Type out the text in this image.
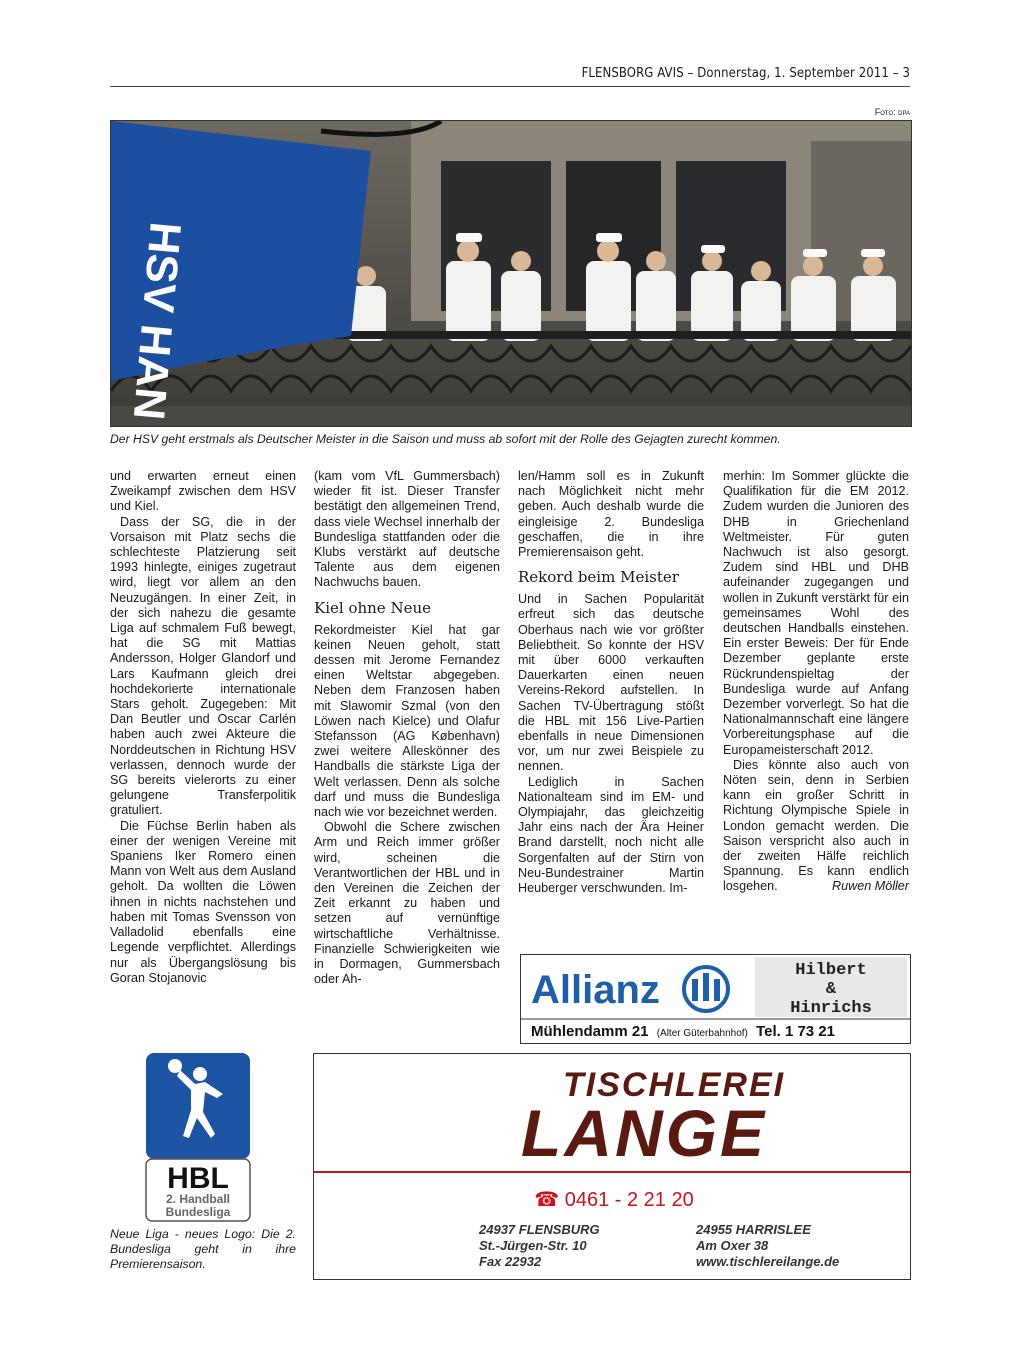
FLENSBORG AVIS – Donnerstag, 1. September 2011 – 3
Foto: dpa
HSV HAN
Der HSV geht erstmals als Deutscher Meister in die Saison und muss ab sofort mit der Rolle des Gejagten zurecht kommen.

und erwarten erneut einen Zweikampf zwischen dem HSV und Kiel.

Dass der SG, die in der Vorsaison mit Platz sechs die schlechteste Platzierung seit 1993 hinlegte, einiges zugetraut wird, liegt vor allem an den Neuzugängen. In einer Zeit, in der sich nahezu die gesamte Liga auf schmalem Fuß bewegt, hat die SG mit Mattias Andersson, Holger Glandorf und Lars Kaufmann gleich drei hochdekorierte internationale Stars geholt. Zugegeben: Mit Dan Beutler und Oscar Carlén haben auch zwei Akteure die Norddeutschen in Richtung HSV verlassen, dennoch wurde der SG bereits vielerorts zu einer gelungene Transferpolitik gratuliert.

Die Füchse Berlin haben als einer der wenigen Vereine mit Spaniens Iker Romero einen Mann von Welt aus dem Ausland geholt. Da wollten die Löwen ihnen in nichts nachstehen und haben mit Tomas Svensson von Valladolid ebenfalls eine Legende verpflichtet. Allerdings nur als Übergangslösung bis Goran Stojanovic

(kam vom VfL Gummersbach) wieder fit ist. Dieser Transfer bestätigt den allgemeinen Trend, dass viele Wechsel innerhalb der Bundesliga stattfanden oder die Klubs verstärkt auf deutsche Talente aus dem eigenen Nachwuchs bauen.

Kiel ohne Neue

Rekordmeister Kiel hat gar keinen Neuen geholt, statt dessen mit Jerome Fernandez einen Weltstar abgegeben. Neben dem Franzosen haben mit Slawomir Szmal (von den Löwen nach Kielce) und Olafur Stefansson (AG København) zwei weitere Alleskönner des Handballs die stärkste Liga der Welt verlassen. Denn als solche darf und muss die Bundesliga nach wie vor bezeichnet werden.

Obwohl die Schere zwischen Arm und Reich immer größer wird, scheinen die Verantwortlichen der HBL und in den Vereinen die Zeichen der Zeit erkannt zu haben und setzen auf vernünftige wirtschaftliche Verhältnisse. Finanzielle Schwierigkeiten wie in Dormagen, Gummersbach oder Ah-

len/Hamm soll es in Zukunft nach Möglichkeit nicht mehr geben. Auch deshalb wurde die eingleisige 2. Bundesliga geschaffen, die in ihre Premierensaison geht.

Rekord beim Meister

Und in Sachen Popularität erfreut sich das deutsche Oberhaus nach wie vor größter Beliebtheit. So konnte der HSV mit über 6000 verkauften Dauerkarten einen neuen Vereins-Rekord aufstellen. In Sachen TV-Übertragung stößt die HBL mit 156 Live-Partien ebenfalls in neue Dimensionen vor, um nur zwei Beispiele zu nennen.

Lediglich in Sachen Nationalteam sind im EM- und Olympiajahr, das gleichzeitig Jahr eins nach der Ära Heiner Brand darstellt, noch nicht alle Sorgenfalten auf der Stirn von Neu-Bundestrainer Martin Heuberger verschwunden. Im-

merhin: Im Sommer glückte die Qualifikation für die EM 2012. Zudem wurden die Junioren des DHB in Griechenland Weltmeister. Für guten Nachwuch ist also gesorgt. Zudem sind HBL und DHB aufeinander zugegangen und wollen in Zukunft verstärkt für ein gemeinsames Wohl des deutschen Handballs einstehen. Ein erster Beweis: Der für Ende Dezember geplante erste Rückrundenspieltag der Bundesliga wurde auf Anfang Dezember vorverlegt. So hat die Nationalmannschaft eine längere Vorbereitungsphase auf die Europameisterschaft 2012.

Dies könnte also auch von Nöten sein, denn in Serbien kann ein großer Schritt in Richtung Olympische Spiele in London gemacht werden. Die Saison verspricht also auch in der zweiten Hälfe reichlich Spannung. Es kann endlich losgehen.	Ruwen Möller

Allianz	Hilbert
&
Hinrichs
Mühlendamm 21 (Alter Güterbahnhof) Tel. 1 73 21
HBL
2. Handball
Bundesliga
Neue Liga - neues Logo: Die 2. Bundesliga geht in ihre Premierensaison.
TISCHLEREI
LANGE
☎ 0461 - 2 21 20
24937 FLENSBURG
St.-Jürgen-Str. 10
Fax 22932
24955 HARRISLEE
Am Oxer 38
www.tischlereilange.de
